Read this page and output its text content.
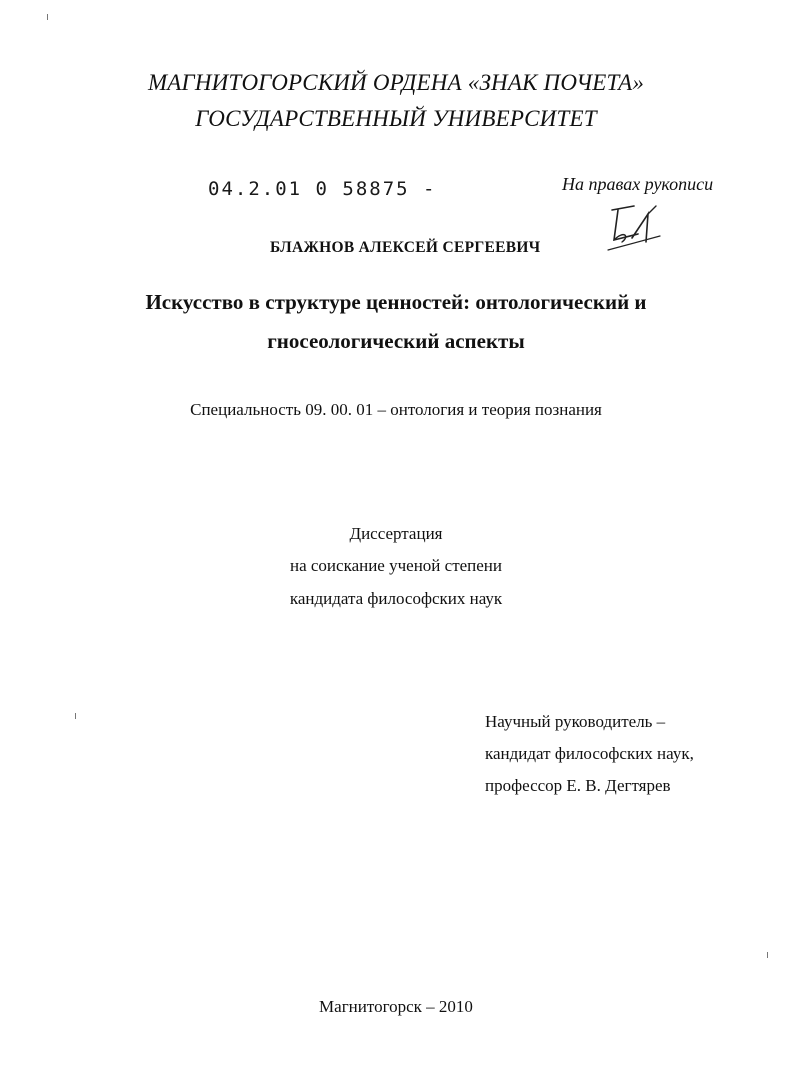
МАГНИТОГОРСКИЙ ОРДЕНА «ЗНАК ПОЧЕТА»
ГОСУДАРСТВЕННЫЙ УНИВЕРСИТЕТ
04.2.01 0 58875 -	На правах рукописи
БЛАЖНОВ АЛЕКСЕЙ СЕРГЕЕВИЧ
Искусство в структуре ценностей: онтологический и
гносеологический аспекты
Специальность 09. 00. 01 – онтология и теория познания
Диссертация
на соискание ученой степени
кандидата философских наук
Научный руководитель –
кандидат философских наук,
профессор Е. В. Дегтярев
Магнитогорск – 2010
